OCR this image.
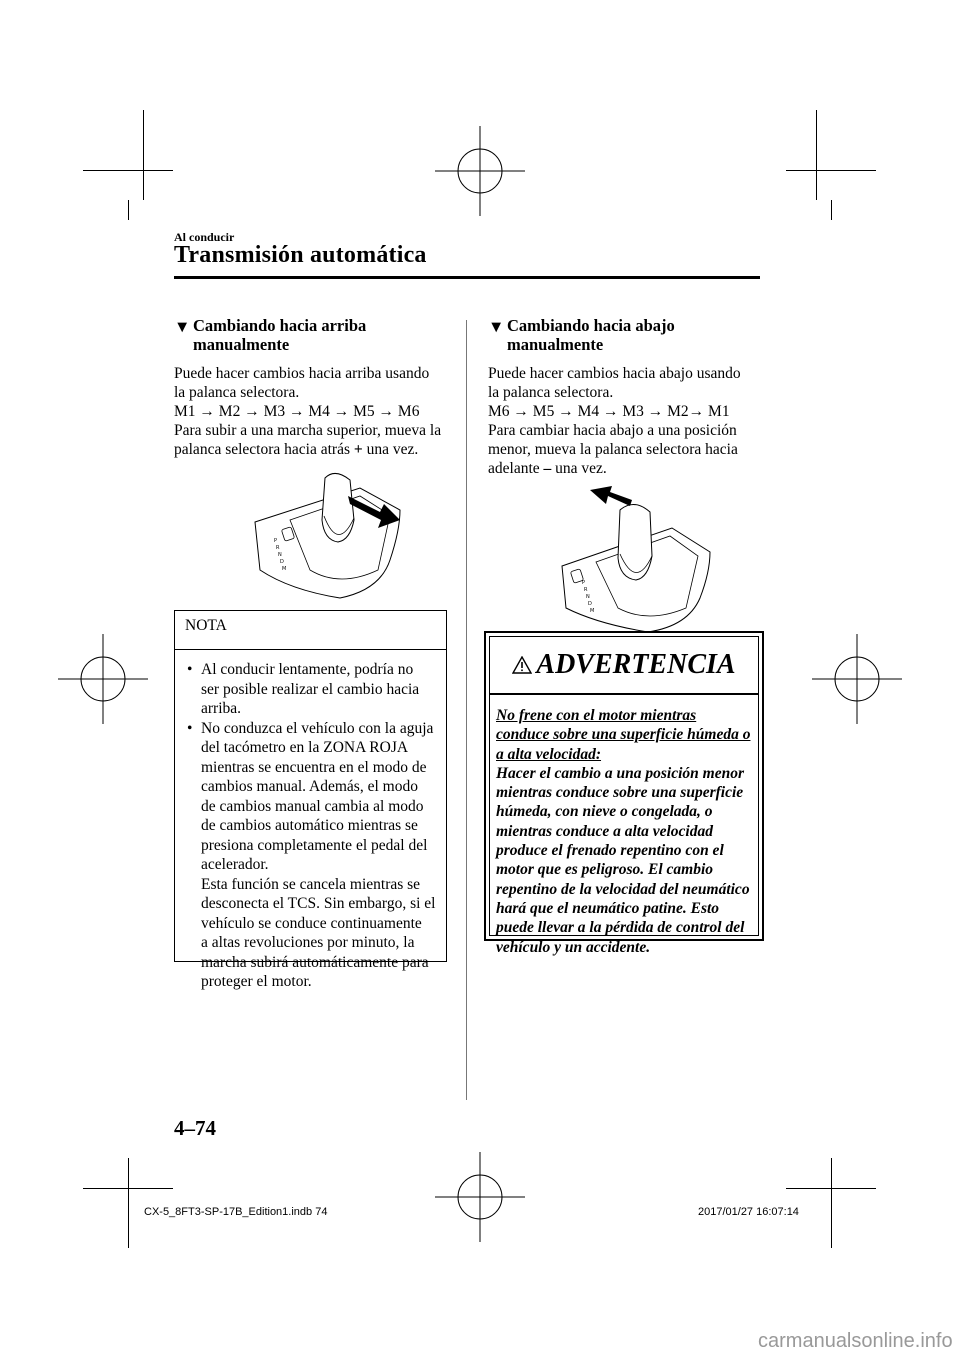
Al conducir
Transmisión automática
▼ Cambiando hacia arriba
manualmente
Puede hacer cambios hacia arriba usando
la palanca selectora.
M1 → M2 → M3 → M4 → M5 → M6
Para subir a una marcha superior, mueva la
palanca selectora hacia atrás + una vez.
P
R
N
D
M
NOTA
• Al conducir lentamente, podría no
ser posible realizar el cambio hacia
arriba.
• No conduzca el vehículo con la aguja
del tacómetro en la ZONA ROJA
mientras se encuentra en el modo de
cambios manual. Además, el modo
de cambios manual cambia al modo
de cambios automático mientras se
presiona completamente el pedal del
acelerador.
Esta función se cancela mientras se
desconecta el TCS. Sin embargo, si el
vehículo se conduce continuamente
a altas revoluciones por minuto, la
marcha subirá automáticamente para
proteger el motor.
▼ Cambiando hacia abajo
manualmente
Puede hacer cambios hacia abajo usando
la palanca selectora.
M6 → M5 → M4 → M3 → M2→ M1
Para cambiar hacia abajo a una posición
menor, mueva la palanca selectora hacia
adelante – una vez.
P
R
N
D
M
ADVERTENCIA
No frene con el motor mientras
conduce sobre una superficie húmeda o
a alta velocidad:
Hacer el cambio a una posición menor
mientras conduce sobre una superficie
húmeda, con nieve o congelada, o
mientras conduce a alta velocidad
produce el frenado repentino con el
motor que es peligroso. El cambio
repentino de la velocidad del neumático
hará que el neumático patine. Esto
puede llevar a la pérdida de control del
vehículo y un accidente.
4–74
CX-5_8FT3-SP-17B_Edition1.indb 74	2017/01/27 16:07:14
carmanualsonline.info
